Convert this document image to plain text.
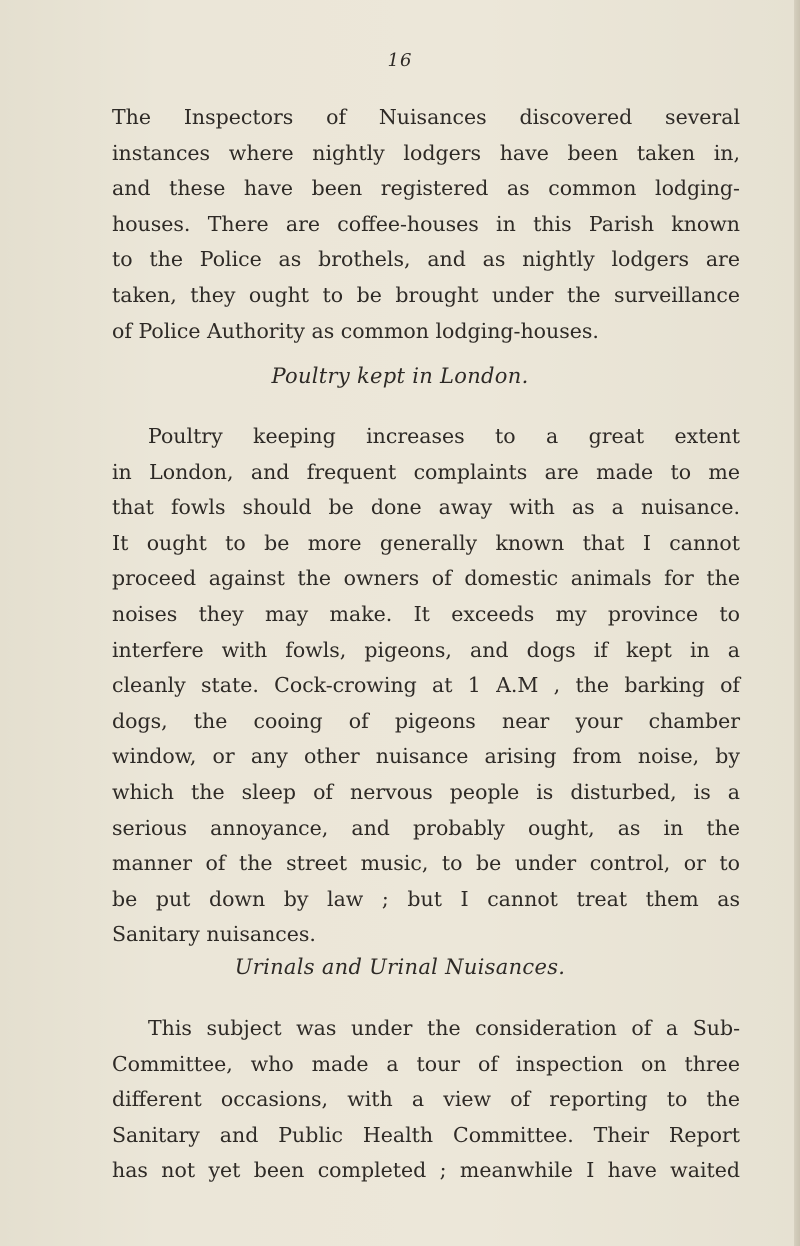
16
The Inspectors of Nuisances discovered several
instances where nightly lodgers have been taken in,
and these have been registered as common lodging-
houses. There are coffee-houses in this Parish known
to the Police as brothels, and as nightly lodgers are
taken, they ought to be brought under the surveillance
of Police Authority as common lodging-houses.
Poultry kept in London.
Poultry keeping increases to a great extent
in London, and frequent complaints are made to me
that fowls should be done away with as a nuisance.
It ought to be more generally known that I cannot
proceed against the owners of domestic animals for the
noises they may make. It exceeds my province to
interfere with fowls, pigeons, and dogs if kept in a
cleanly state. Cock-crowing at 1 A.M , the barking of
dogs, the cooing of pigeons near your chamber
window, or any other nuisance arising from noise, by
which the sleep of nervous people is disturbed, is a
serious annoyance, and probably ought, as in the
manner of the street music, to be under control, or to
be put down by law ; but I cannot treat them as
Sanitary nuisances.
Urinals and Urinal Nuisances.
This subject was under the consideration of a Sub-
Committee, who made a tour of inspection on three
different occasions, with a view of reporting to the
Sanitary and Public Health Committee. Their Report
has not yet been completed ; meanwhile I have waited
